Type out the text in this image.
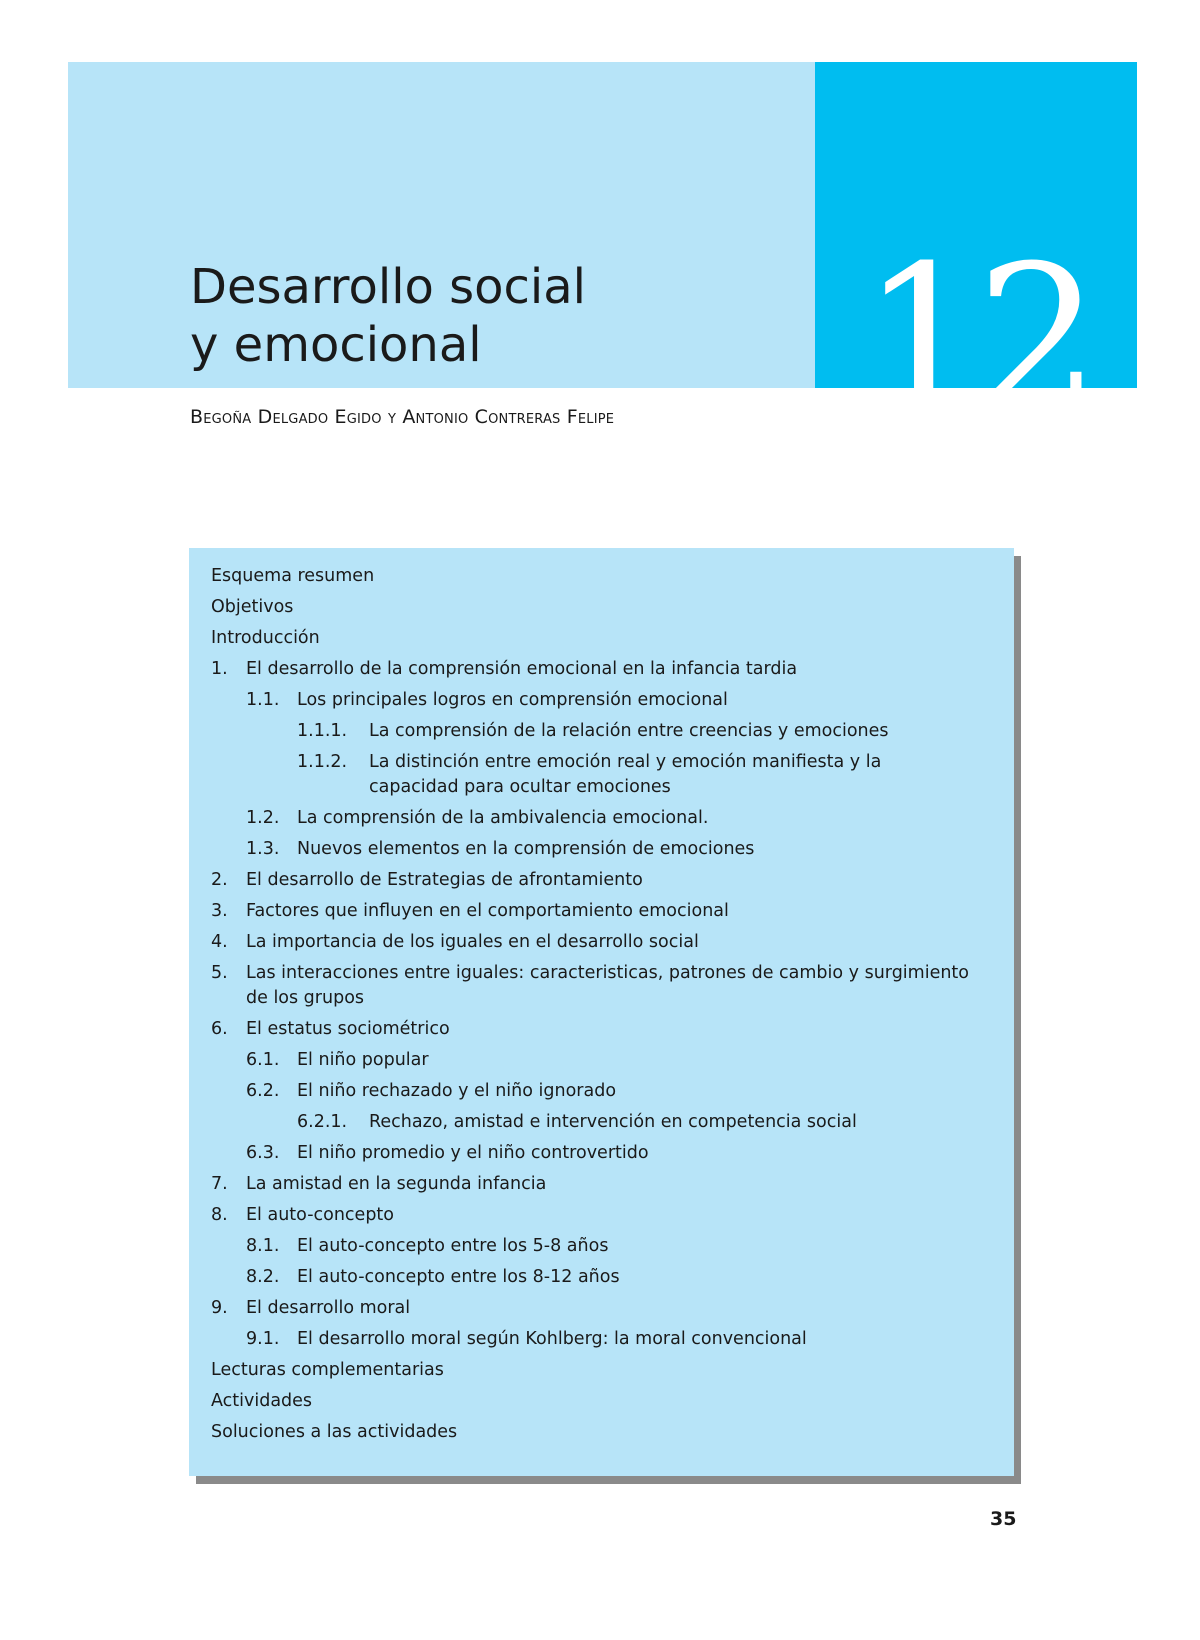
12
Desarrollo social
y emocional
Begoña Delgado Egido y Antonio Contreras Felipe
Esquema resumen
Objetivos
Introducción
1. El desarrollo de la comprensión emocional en la infancia tardia
1.1. Los principales logros en comprensión emocional
1.1.1. La comprensión de la relación entre creencias y emociones
1.1.2. La distinción entre emoción real y emoción manifiesta y la capacidad para ocultar emociones
1.2. La comprensión de la ambivalencia emocional.
1.3. Nuevos elementos en la comprensión de emociones
2. El desarrollo de Estrategias de afrontamiento
3. Factores que influyen en el comportamiento emocional
4. La importancia de los iguales en el desarrollo social
5. Las interacciones entre iguales: caracteristicas, patrones de cambio y surgimiento de los grupos
6. El estatus sociométrico
6.1. El niño popular
6.2. El niño rechazado y el niño ignorado
6.2.1. Rechazo, amistad e intervención en competencia social
6.3. El niño promedio y el niño controvertido
7. La amistad en la segunda infancia
8. El auto-concepto
8.1. El auto-concepto entre los 5-8 años
8.2. El auto-concepto entre los 8-12 años
9. El desarrollo moral
9.1. El desarrollo moral según Kohlberg: la moral convencional
Lecturas complementarias
Actividades
Soluciones a las actividades
35
